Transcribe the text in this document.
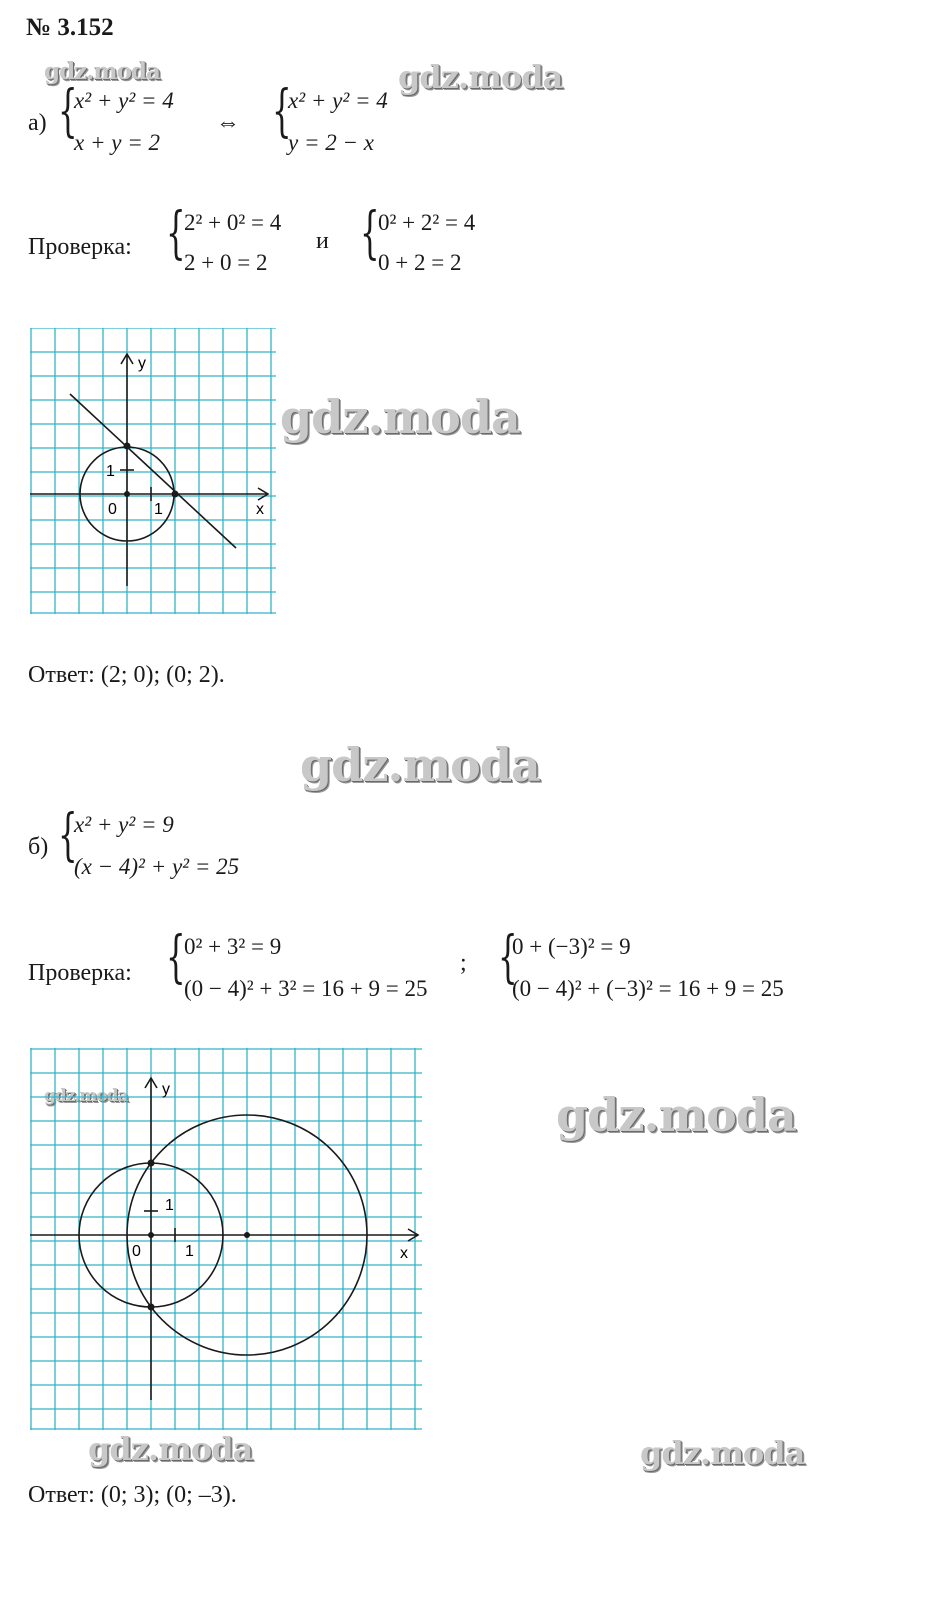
№ 3.152
gdz.moda	gdz.moda
gdz.moda
gdz.moda
gdz.moda
gdz.moda
gdz.moda	gdz.moda
а) {
x² + y² = 4
x + y = 2
⇔ {
x² + y² = 4
y = 2 − x
Проверка: {
2² + 0² = 4
2 + 0 = 2
и {
0² + 2² = 4
0 + 2 = 2
x
y
0 1
1
Ответ: (2; 0); (0; 2).
б) {
x² + y² = 9
(x − 4)² + y² = 25
Проверка: {
0² + 3² = 9
(0 − 4)² + 3² = 16 + 9 = 25
; {
0 + (−3)² = 9
(0 − 4)² + (−3)² = 16 + 9 = 25
x
y
0	1
1
Ответ: (0; 3); (0; –3).
